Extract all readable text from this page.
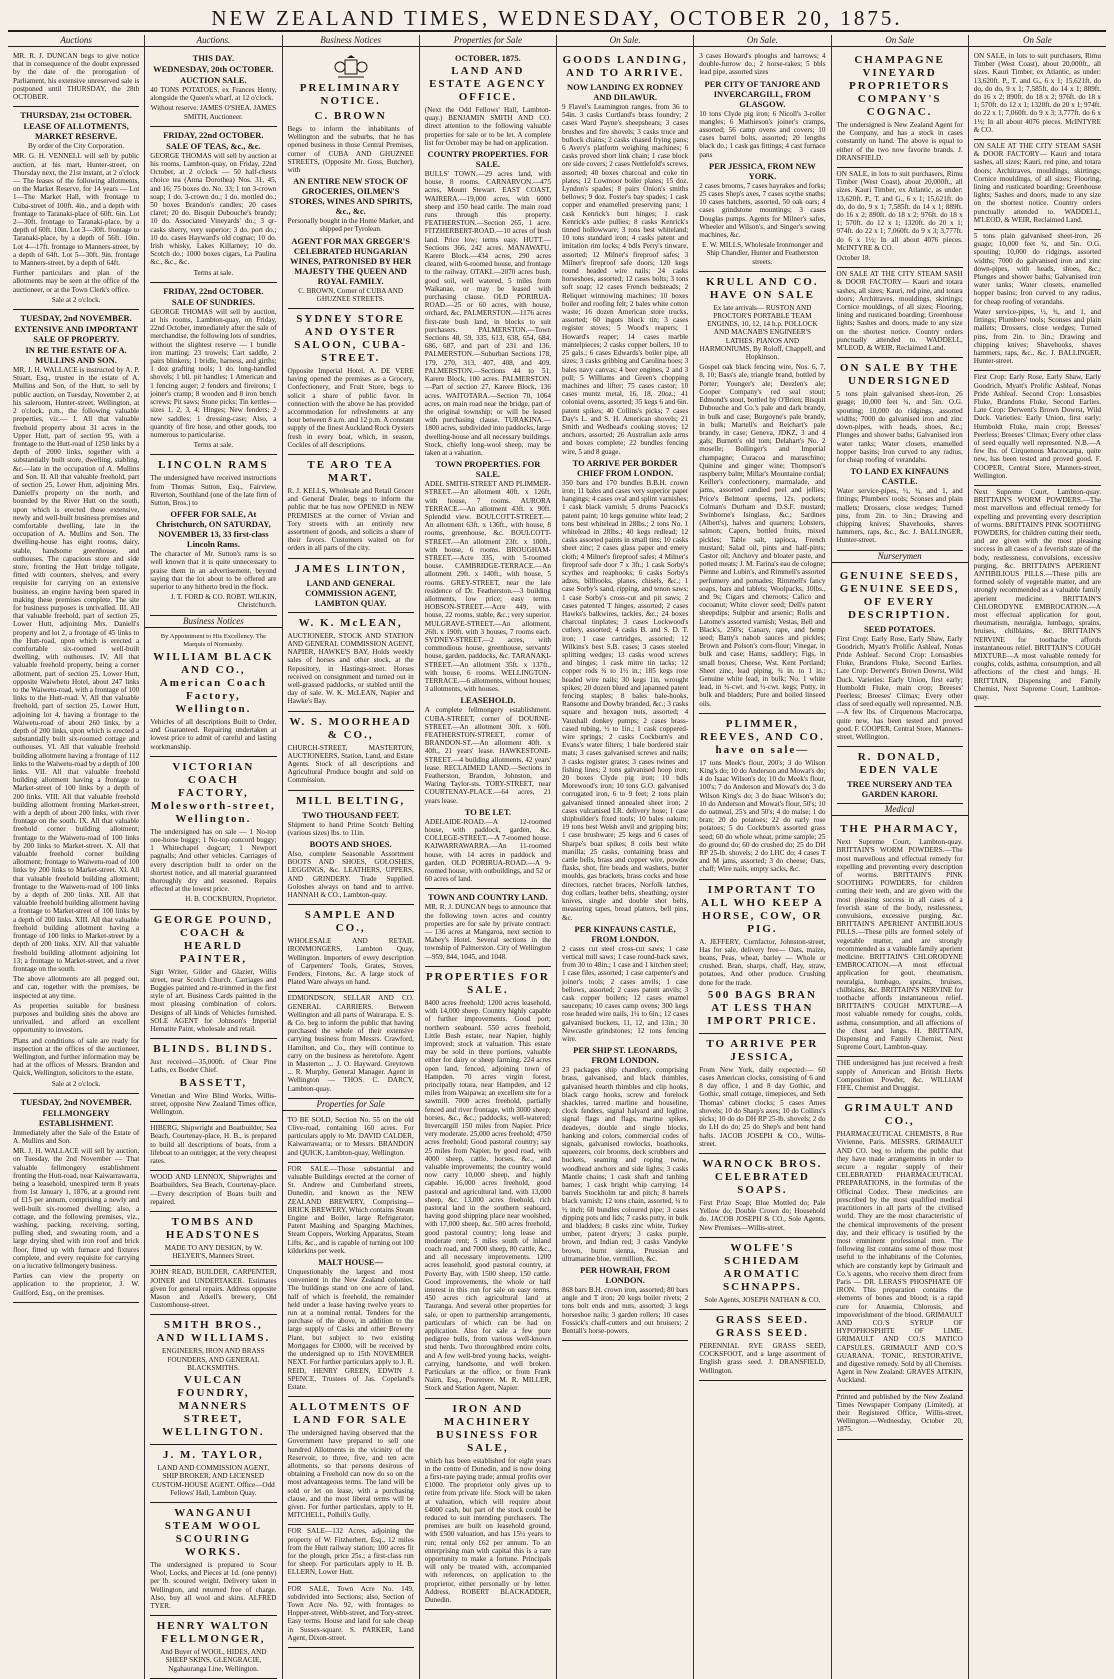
NEW ZEALAND TIMES, WEDNESDAY, OCTOBER 20, 1875.
Auctions

MR. R. J. DUNCAN begs to give notice that in consequence of the doubt expressed by the date of the prorogation of Parliament, his extensive unreserved sale is postponed until THURSDAY, the 28th OCTOBER.

THURSDAY, 21st OCTOBER.
LEASE OF ALLOTMENTS, MARKET RESERVE.

By order of the City Corporation.

MR. G. H. VENNELL will sell by public auction, at his mart, Hunter-street, on Thursday next, the 21st instant, at 2 o'clock — The leases of the following allotments, on the Market Reserve, for 14 years — Lot 1—The Market Hall, with frontage to Cuba-street of 100ft. 4in., and a depth with frontage to Taranaki-place of 60ft. 6in. Lot 2—30ft. frontage to Taranaki-place, by a depth of 60ft. 10in. Lot 3—30ft. frontage to Taranaki-place, by a depth of 56ft. 10in. Lot 4—17ft. frontage to Manners-street, by a depth of 64ft. Lot 5—30ft. 9in. frontage to Manners-street, by a depth of 64ft.

Further particulars and plan of the allotments may be seen at the office of the auctioneer, or at the Town Clerk's office.

Sale at 2 o'clock.

TUESDAY, 2nd NOVEMBER.
EXTENSIVE AND IMPORTANT SALE OF PROPERTY.
IN RE THE ESTATE OF A. MULLINS AND SON.

MR. J. H. WALLACE is instructed by A. P. Stuart, Esq., trustee in the estate of A. Mullins and Son, of the Hutt, to sell by public auction, on Tuesday, November 2, at his saleroom, Hunter-street, Wellington, at 2 o'clock, p.m., the following valuable properties, viz.— I. All that valuable freehold property about 31 acres in the Upper Hutt, part of section 95, with a frontage to the Hutt-road of 1250 links by a depth of 2000 links, together with a substantially built store, dwelling, stabling, &c.—late in the occupation of A. Mullins and Son. II. All that valuable freehold, part of section 25, Lower Hutt, adjoining Mrs. Daniell's property on the north, and bounded by the River Hutt on the south, upon which is erected those extensive, newly and well-built business premises and comfortable dwelling, late in the occupation of A. Mullins and Son. The dwelling-house has eight rooms, dairy, stable, handsome greenhouse, and outhouses. The capacious store and side store, fronting the Hutt bridge tollgate, fitted with counters, shelves, and every requisite for carrying on an extensive business, an engine having been spared in making these premises complete. The site for business purposes is unrivalled. III. All that valuable freehold, part of section 25, Lower Hutt, adjoining Mrs. Daniell's property and lot 2, a frontage of 45 links to the Hutt-road, upon which is erected a comfortable six-roomed well-built dwelling, with outhouses. IV. All that valuable freehold property, being a corner allotment, part of section 25, Lower Hutt, opposite Waiwhetu Hotel, about 247 links to the Waiwetu-road, with a frontage of 100 links to the Hutt-road. V. All that valuable freehold, part of section 25, Lower Hutt, adjoining lot 4, having a frontage to the Waiwetu-road of about 260 links, by a depth of 200 links, upon which is erected a substantially built six-roomed cottage and outhouses. VI. All that valuable freehold building allotment having a frontage of 112 links to the Waiwetu-road by a depth of 100 links. VII. All that valuable freehold building allotment having a frontage to Market-street of 100 links by a depth of 200 links. VIII. All that valuable freehold building allotment fronting Market-street, with a depth of about 200 links, with river frontage on the south. IX. All that valuable freehold corner building allotment; frontage to the Waiwetu-road of 100 links by 200 links to Market-street. X. All that valuable freehold corner building allotment; frontage to Waiwetu-road of 100 links by 200 links to Market-street. XI. All that valuable freehold building allotment; frontage to the Waiwetu-road of 100 links by a depth of 200 links. XII. All that valuable freehold building allotment having a frontage to Market-street of 100 links by a depth of 200 links. XIII. All that valuable freehold building allotment having a frontage of 100 links to Market-street by a depth of 200 links. XIV. All that valuable freehold building allotment adjoining lot 13; a frontage to Market-street, and a river frontage on the south.

The above allotments are all pegged out, and can, together with the premises, be inspected at any time.

As properties suitable for business purposes and building sites the above are unrivalled, and afford an excellent opportunity to investors.

Plans and conditions of sale are ready for inspection at the offices of the auctioneer, Wellington, and further information may be had at the offices of Messrs. Brandon and Quick, Wellington, solicitors to the estate.

Sale at 2 o'clock.

TUESDAY, 2nd NOVEMBER.
FELLMONGERY ESTABLISHMENT.

Immediately after the Sale of the Estate of A. Mullins and Son.

MR. J. H. WALLACE will sell by auction, on Tuesday, the 2nd November — That valuable fellmongery establishment fronting the Hutt-road, near Kaiwarrawarra, being a leasehold, unexpired term 8 years from 1st January 1, 1876, at a ground rent of £15 per annum, comprising a newly and well-built six-roomed dwelling; also, a cottage, and the following premises, viz., washing, packing, receiving, sorting, pulling shed, and sweating room, and a large drying shed with iron roof and brick floor, fitted up with furnace and fixtures complete, and every requisite for carrying on a lucrative fellmongery business.

Parties can view the property on application to the proprietor, J. W. Guilford, Esq., on the premises.

Auctions.
THIS DAY.
WEDNESDAY, 20th OCTOBER.
AUCTION SALE.

40 TONS POTATOES, ex Frances Henty, alongside the Queen's wharf, at 12 o'clock.

Without reserve. JAMES O'SHEA. JAMES SMITH, Auctioneer.

FRIDAY, 22nd OCTOBER.
SALE OF TEAS, &c., &c.

GEORGE THOMAS will sell by auction at his rooms, Lambton-quay, on Friday, 22nd October, at 2 o'clock — 50 half-chests choice tea (Anna Dorothea) Nos. 31, 45, and 16; 75 boxes do. No. 33; 1 ton 3-crown soap; 1 do. 3-crown do.; 1 do. mottled do.; 50 boxes Brandon's candles; 20 cases claret; 20 do. Bisquit Dubouche's brandy; 10 do. Associated Vineyards' do.; 3 qr-casks sherry, very superior; 3 do. port do.; 10 do. cases Hayward's old cognac; 10 do. Irish whisky, Lakes Killarney; 10 do. Scotch do.; 1000 boxes cigars, La Paulina &c., &c., &c.

Terms at sale.

FRIDAY, 22nd OCTOBER.
SALE OF SUNDRIES.

GEORGE THOMAS will sell by auction, at his rooms, Lambton-quay, on Friday, 22nd October, immediately after the sale of merchandise, the following lots of sundries, without the slightest reserve — 1 bundle iron matting; 23 trowels; Cart saddle, 2 pairs blinkers; 1 bridle, harness, and girths; 1 doz grafting tools; 1 do. long-handled shovels; 1 bll. pit handles; 1 American and 1 fencing auger; 2 fenders and fireirons; 1 joiner's cramp; 8 wooden and 8 iron bench screws; Pit saws; Stone picks; Tin kettles—sizes 1, 2, 3, 4; Hinges; New fenders; 2 new saddles; 1 dressing-case; Also, a quantity of fire hose, and other goods, too numerous to particularise.

Terms at sale.

LINCOLN RAMS

The undersigned have received instructions from Thomas Sutton, Esq., Fairview, Riverton, Southland (one of the late firm of Sutton, Bros.) to

OFFER FOR SALE, At Christchurch, ON SATURDAY, NOVEMBER 13, 33 first-class Lincoln Rams.

The character of Mr. Sutton's rams is so well known that it is quite unnecessary to praise them in an advertisement, beyond saying that the lot about to be offered are superior to any hitherto bred in the flock.

J. T. FORD & CO. ROBT. WILKIN, Christchurch.

Business Notices

By Appointment to His Excellency. The Marquis of Normanby.

WILLIAM BLACK AND CO., American Coach Factory, Wellington.

Vehicles of all descriptions Built to Order, and Guaranteed. Repairing undertaken at lowest price to admit of careful and lasting workmanship.

VICTORIAN COACH FACTORY, Molesworth-street, Wellington.

The undersigned has on sale — 1 No-top one-horse buggy; 1 No-top concord buggy; 1 Whitechapel dogcart; 1 Newport pagnalls; And other vehicles. Carriages of every description built to order on the shortest notice, and all material guaranteed thoroughly dry and seasoned. Repairs effected at the lowest price.

H. B. COCKBURN, Proprietor.

GEORGE POUND, COACH & HEARLD PAINTER,

Sign Writer, Gilder and Glazier, Willis street, near Scotch Church. Carriages and Buggies painted and re-trimmed in the first style of art. Business Cards painted in the most pleasing combination of colors. Designs of all kinds of Vehicles furnished. SOLE AGENT for Johnson's Imperial Hematite Paint, wholesale and retail.

BLINDS. BLINDS.

Just received—35,000ft. of Clear Pine Laths, ex Border Chief.

BASSETT,

Venetian and Wire Blind Works, Willis-street, opposite New Zealand Times office, Wellington.

HIBERG, Shipwright and Boatbuilder, Sea Beach, Courtenay-place, H. B., is prepared to build all descriptions of boats, from a lifeboat to an outrigger, at the very cheapest rates.

WOOD AND LENNOX, Shipwrights and Boatbuilders, Sea Beach, Courtenay-place.—Every description of Boats built and repaired.

TOMBS AND HEADSTONES

MADE TO ANY DESIGN, by W. HELYER'S, Manners Street.

JOHN READ, BUILDER, CARPENTER, JOINER and UNDERTAKER. Estimates given for general repairs. Address opposite Mason and Arkell's brewery, Old Customhouse-street.

SMITH BROS., AND WILLIAMS.

ENGINEERS, IRON AND BRASS FOUNDERS, AND GENERAL BLACKSMITHS.

VULCAN FOUNDRY, MANNERS STREET, WELLINGTON.
J. M. TAYLOR,

LAND AND COMMISSION AGENT, SHIP BROKER, AND LICENSED CUSTOM-HOUSE AGENT. Office—Odd Fellows' Hall, Lambton Quay.

WANGANUI STEAM WOOL SCOURING WORKS.

The undersigned is prepared to Scour Wool, Locks, and Pieces at 1d. (one penny) per lb. scoured weight. Delivery taken in Wellington, and returned free of charge. Also, buy all wool and skins. ALFRED TYER.

HENRY WALTON FELLMONGER,

And Buyer of WOOL, HIDES, AND SHEEP SKINS, GLENGRACIE, Ngahauranga Line, Wellington.

Business Notices
PRELIMINARY NOTICE.
C. BROWN

Begs to inform the inhabitants of Wellington and the suburbs, that he has opened business in those Central Premises, corner of CUBA AND GHUZNEE STREETS, (Opposite Mr. Goss, Butcher), with

AN ENTIRE NEW STOCK OF GROCERIES, OILMEN'S STORES, WINES AND SPIRITS, &c., &c.

Personally bought in the Home Market, and shipped per Tyrolean.

AGENT FOR MAX GREGER'S CELEBRATED HUNGARIAN WINES, PATRONISED BY HER MAJESTY THE QUEEN AND ROYAL FAMILY.

C. BROWN, Corner of CUBA AND GHUZNEE STREETS.

SYDNEY STORE AND OYSTER SALOON, CUBA-STREET.

Opposite Imperial Hotel. A. DE VERE having opened the premises as a Grocery, Confectionery, and Fruit Store, begs to solicit a share of public favor. In connection with the above he has provided accommodation for refreshments at any hour between 8 a.m. and 12 p.m. A constant supply of the finest Auckland Rock Oysters fresh in every boat, which, in season, Cockles of all descriptions.

TE ARO TEA MART.

R. J. KELLS, Wholesale and Retail Grocer and General Dealer, begs to inform the public that he has now OPENED in NEW PREMISES at the corner of Vivian and Tory streets with an entirely new assortment of goods, and solicits a share of their favors. Customers waited on for orders in all parts of the city.

JAMES LINTON,
LAND AND GENERAL COMMISSION AGENT, LAMBTON QUAY.
W. K. McLEAN,

AUCTIONEER, STOCK AND STATION AND GENERAL COMMISSION AGENT, NAPIER, HAWKE'S BAY, Holds weekly sales of horses and other stock, at the Repository, in Hastings-street. Horses received on consignment and turned out in well-grassed paddocks, or stabled until the day of sale. W. K. McLEAN, Napier and Hawke's Bay.

W. S. MOORHEAD & CO.,

CHURCH-STREET, MASTERTON, AUCTIONEERS, Station, Land, and Estate Agents. Stock of all descriptions and Agricultural Produce bought and sold on Commission.

MILL BELTING,
TWO THOUSAND FEET.

Shipment to hand Prime Scotch Belting (various sizes) lbs. to 11in.

BOOTS AND SHOES.

Also, complete Seasonable Assortment BOOTS AND SHOES, GOLOSHES, LEGGINGS, &c. LEATHERS, UPPERS, AND GRINDERY. Trade Supplied. Goloshes always on hand and to arrive. HANNAH & CO., Lambton-quay.

SAMPLE AND CO.,

WHOLESALE AND RETAIL IRONMONGERS, Lambton Quay, Wellington. Importers of every description of Carpenters' Tools, Grates, Stoves, Fenders, Firetons, &c. A large stock of Plated Ware always on hand.

EDMONDSON, SELLAR AND CO. GENERAL CARRIERS. Between Wellington and all parts of Wairarapa. E. S. & Co. beg to inform the public that having purchased the whole of their extensive carrying business from Messrs. Crawford, Hamilton, and Co., they will continue to carry on the business as heretofore. Agent in Masterton ... J. O. Hayward. Greytown ... R. Murphy, General Manager. Agent in Wellington — THOS. C. DARCY, Lambton-quay.

Properties for Sale

TO BE SOLD, Section No. 55 on the old Clive-road, containing 160 acres. For particulars apply to Mr. DAVID CALDER, Kaiwarrawarra; or to Messrs. BRANDON and QUICK, Lambton-quay, Wellington.

FOR SALE.—Those substantial and valuable Buildings erected at the corner of St. Andrew and Cumberland streets, Dunedin, and known as the NEW ZEALAND BREWERY, Comprising— BRICK BREWERY, Which contains Steam Engine and Boiler, large Refrigerator, Patent Mashing and Sparging Machines, Steam Coppers, Working Apparatus, Steam Lifts, &c., and is capable of turning out 100 kilderkins per week.

MALT HOUSE—

Unquestionably the largest and most convenient in the New Zealand colonies. The buildings stand on one acre of land, half of which is freehold, the remainder held under a lease having twelve years to run at a nominal rental. Tenders for the purchase of the above, in addition to the large supply of Casks and other Brewery Plant, but subject to two existing Mortgages for £3000, will be received by the undersigned up to 15th NOVEMBER NEXT. For further particulars apply to J. R. REID, HENRY GREEN, EDWIN J. SPENCE, Trustees of Jas. Copeland's Estate.

ALLOTMENTS OF LAND FOR SALE

The undersigned having observed that the Government have prepared to sell one hundred Allotments in the vicinity of the Reservoir, to three, five, and ten acre allotments, so that persons desirous of obtaining a Freehold can now do so on the most advantageous terms. The land will be sold or let on lease, with a purchasing clause, and the most liberal terms will be given. For further particulars, apply to H. MITCHELL, Polhill's Gully.

FOR SALE—132 Acres, adjoining the property of W. Fitzherbert, Esq., 12 miles from the Hutt railway station; 100 acres fit for the plough, price 25s.; a first-class run for sheep. For particulars apply to H. B. ELLERN, Lower Hutt.

FOR SALE, Town Acre No. 149, subdivided into Sections; also, Section of Town Acre No. 92, with frontages to Hopper-street, Webb-street, and Tory-street. Easy terms. House and land for sale cheap in Sussex-square. S. PARKER, Land Agent, Dixon-street.

Properties for Sale
OCTOBER, 1875.
LAND AND ESTATE AGENCY OFFICE.

(Next the Odd Fellows' Hall, Lambton-quay.) BENJAMIN SMITH AND CO. direct attention to the following valuable properties for sale or to be let. A complete list for October may be had on application.

COUNTRY PROPERTIES. FOR SALE.

BULLS' TOWN.—29 acres land, with house, 8 rooms. CARNARVON.—475 acres, Mount Stewart. EAST COAST, WAIRERA.—19,000 acres, with 6000 sheep and 150 head cattle. The main road runs through this property. FEATHERSTON.—Section 265, 1 acre. FITZHERBERT-ROAD.—10 acres of bush land. Price low; terms easy. HUTT.—Sections 366, 242 acres. MANAWATU, Karere Block.—434 acres, 290 acres cleared, with 6-roomed house, and frontage to the railway. OTAKI.—2070 acres bush, good soil, well watered, 5 miles from Waikanae, or may be leased with purchasing clause. OLD PORIRUA-ROAD.—25 or 60 acres, with house, orchard, &c. PALMERSTON.—1176 acres first-rate bush land, in blocks to suit purchasers. PALMERSTON.—Town Sections 48, 59, 335, 613, 638, 654, 684, 686, 687, and part of 231 and 136. PALMERSTON.—Suburban Sections 178, 179, 270, 313, 407, 408, and 409. PALMERSTON.—Sections 44 to 51, Karere Block, 100 acres. PALMERSTON.—Part of section 27, Karere Block, 136 acres. WAITOTARA.—Section 70, 1064 acres, on main road near the bridge, part of the original township; or will be leased with purchasing clause. TURAKINA.—1800 acres, subdivided into paddocks, large dwelling-house and all necessary buildings. Stock, chiefly long-wool sheep, may be taken at a valuation.

TOWN PROPERTIES. FOR SALE.

ADEL SMITH-STREET AND PLIMMER-STREET.—An allotment 40ft. x 126ft, with house, 7 rooms. AURORA TERRACE.—An allotment 43ft. x 90ft. Splendid view. BOULCOTT-STREET.—An allotment 63ft. x 136ft., with house, 8 rooms, greenhouse, &c. BOULCOTT-STREET.—An allotment 23ft. x 100ft., with house, 6 rooms. BROUGHAM-STREET.—Acre 335, with 5-roomed house. CAMBRIDGE-TERRACE.—An allotment 29ft. x 140ft., with house, 5 rooms. GREY-STREET, near the late residence of Dr. Featherston.—3 building allotments, low price; easy terms. HOBSON-STREET.—Acre 449, with house, 22 rooms, stable, &c.; very superior. MULGRAVE-STREET.—An allotment, 26ft. x 190ft. with 3 houses, 7 rooms each. SYDNEY-STREET.—2 acres, with commodious house, greenhouse, servants' house, garden, paddocks, &c. TARANAKI-STREET.—An allotment 35ft. x 137ft., with house, 6 rooms. WELLINGTON-TERRACE.—6 allotments, without houses; 3 allotments, with houses.

LEASEHOLD.

A complete fellmongery establishment. CUBA-STREET, corner of DOURNE-STREET.—An allotment 30ft. x 60ft. FEATHERSTON-STREET, corner of BRANDON-ST.—An allotment 40ft. x 40ft., 21 years' lease. HAWKESTONE-STREET.—4 building allotments, 42 years' lease. RECLAIMED LAND.—Sections in Featherston, Brandon, Johnston, and Waring Taylor-sts. TORY-STREET, near COURTENAY-PLACE.—64 acres, 21 years lease.

TO BE LET.

ADELAIDE-ROAD.—A 12-roomed house, with paddock, garden, &c. COLLEGE-STREET.—A 7-roomed house. KAIWARRAWARRA.—An 11-roomed house, with 14 acres in paddock and garden. OLD PORIRUA-ROAD.—A 9-roomed house, with outbuildings, and 52 or 60 acres of land.

TOWN AND COUNTRY LAND.

MR. R. J. DUNCAN begs to announce that the following town acres and country properties are for sale by private contract:— 136 acres at Mangaroa, next section to Mabey's Hotel. Several sections in the township of Palmerston. City of Wellington—959, 844, 1045, and 1048.

PROPERTIES FOR SALE.

8400 acres freehold; 1200 acres leasehold, with 14,000 sheep. Country highly capable of further improvements. Good port; northern seaboard. 550 acres freehold, Little Bush estate, near Napier, highly improved; stock at valuation. This estate may be sold in three portions, valuable either for dairy or sheep farming. 224 acres open land, fenced, adjoining town of Hampden. 70 acres virgin forest, principally totara, near Hampden, and 12 miles from Waipawa; an excellent site for a sawmill. 7000 acres freehold, partially fenced and river frontage, with 3000 sheep; horses, &c., &c.; paddocks, well-watered; Invercargill 150 miles from Napier. Price very moderate. 25,000 acres freehold; 4750 acres freehold; Good pastoral country; say 25 miles from Napier, by good road, with 4000 sheep, cattle, horses, &c., and valuable improvements; the country would now carry 10,000 sheep, and highly capable. 16,000 acres freehold, good pastoral and agricultural land, with 13,000 sheep, &c. 13,000 acres freehold, rich pastoral land in the southern seaboard, having good shipping place near woolshed, with 17,000 sheep, &c. 500 acres freehold, good pastoral country; long lease and moderate rent; 5 miles south of inland coach road, and 7000 sheep, 80 cattle, &c., and all necessary improvements. 1200 acres leasehold, good pastoral country, at Poverty Bay, with 1500 sheep, 150 cattle. Good improvements, the whole or half interest in this run for sale on easy terms. 450 acres rich agricultural land at Tauranga. And several other properties for sale, or open to partnership arrangements, particulars of which can be had on application. Also for sale a few pure pedigree bulls, from various well-known stud herds. Two thoroughbred entire colts, and A few well-bred young hacks, weight-carrying, handsome, and well broken. Particulars at the office, or from Frank Nairn, Esq., Pourerere. M. R. MILLER, Stock and Station Agent, Napier.

IRON AND MACHINERY BUSINESS FOR SALE,

which has been established for eight years in the centre of Dunedin, and is now doing a first-rate paying trade; annual profits over £1000. The proprietor only gives up to retire from private life. Stock will be taken at valuation, which will require about £4000 cash, but part of the stock could be reduced to suit intending purchasers. The premises are built on leasehold ground, with £500 valuation, and has 15½ years to run; rental only £62 per annum. To an enterprising man with capital this is a rare opportunity to make a fortune. Principals will only be treated with, accompanied with references, on application to the proprietor, either personally or by letter. Address, ROBERT BLACKADDER, Dunedin.

On Sale.
GOODS LANDING, AND TO ARRIVE.
NOW LANDING EX RODNEY AND DILAWUR.

9 Flavel's Leamington ranges, from 36 to 54in. 3 casks Curtland's brass foundry; 2 cases Ward Payne's sheepshears; 3 cases brushes and fire shovels; 3 casks truce and bullock chains; 2 casks chased frying pans; 6 Avery's platform weighing machines; 6 casks proved short link chain; 1 case block ore side covers; 2 cases Nettlefold's screws, assorted; 40 boxes charcoal and coke tin plates; 12 Lowmoor boiler plates; 15 doz. Lyndon's spades; 8 pairs Onion's smiths bellows; 9 doz. Foster's bay spades; 1 cask copper and enamelled preserving pans; 1 cask Kenrick's butt hinges; 1 cask Kenrick's axle pullies; 8 casks Kenrick's tinned hollowware; 3 tons best whiteland; 10 tons standard iron; 4 casks patent and imitation rim locks; 4 bdls Perry's tinware, assorted; 12 Milner's fireproof safes; 3 Milner's fireproof safe doors; 120 kegs round headed wire nails; 24 casks horseshoes, assorted; 12 cases bolts; 3 tons soft soap; 12 cases French bedsteads; 2 Reliquet winnowing machines; 10 boxes boiler and roofing felt; 2 bales white cotton waste; 16 dozen American store trucks, assorted; 60 ingots block tin; 3 cases register stoves; 5 Wood's reapers; 1 Howard's reaper; 14 cases marble mantelpieces; 2 casks copper boilers, 10 to 25 gals.; 6 cases Edwards's boiler pipe, all sizes; 3 casks gribbing and Carolina hoes; 3 bales navy canvas; 4 beer engines, 2 and 3 pull; 5 Williams and Green's chopping machines and lifter; 75 cases castor; 10 cases muntz metal, 16, 18, 20oz.; 41 colonial ovens, assorted; 35 kegs 6 and 6in. patent spikes; 40 Collins's picks; 7 cases Day's L. and S. H. American shovels; 21 Smith and Wedhead's cooking stoves; 12 anchors, assorted; 26 Australian axle arms and boxes complete; 22 bundles fencing wire, 5 and 8 guage.

TO ARRIVE PER BORDER CHIEF FROM LONDON.

350 bars and 170 bundles B.B.H. crown iron; 11 bales and cases very superior paper hangings; 4 cases oval and splint varnishes; 1 cask black varnish; 5 drums Peacock's patent paint; 10 kegs genuine white lead; 2 tons best whitelead in 28lbs.; 2 tons No. 1 whitelead in 28lbs.; 40 kegs redlead; 12 casks assorted paints in small tins; 10 casks sheet zinc; 2 cases glass paper and emery cloth; 4 Milner's fireproof safes; 4 Milner's fireproof safe door 7 x 3ft.; 1 cask Sorby's scythes and reaphooks; 6 casks Sorby's adzes, billhooks, planes, chisels, &c.; 1 case Sorby's sand, ripping, and tenon saws; 1 case Sorby's cross-cut and pit saws; 2 cases patented T hinges, assorted; 2 cases Hawks's balkwires, tackles, &c.; 24 boxes charcoal tinplates; 3 cases Lockwood's cutlery, assorted; 4 casks B. and S. D. T. iron; 1 case cartridges, assorted; 12 Wilkins's best S.B. cases; 3 cases steeled splitting wedges; 13 casks wood screws and hinges; 1 cask mitre tin tacks; 12 copper rods ¾ to 1½ in.; 185 kegs rose headed wire nails; 30 kegs 1in. wrought spikes; 20 dozen blued and japanned patent fencing staples; 8 bales bale-hooks, Ransome and Dowby branded, &c.; 3 casks square and hexagon nuts, assorted; 4 Vauxhall donkey pumps; 2 cases brass-cased tubing, ½ to 1in.; 1 cask coppered-wire springs; 2 casks Cockburn's and Evans's water filters; 1 bale bordered stair mats; 3 cases galvanised screws and nails; 3 casks register grates; 3 cases twines and fishing lines; 2 tons galvanised hoop iron; 20 boxes Clyde pig iron; 10 bdls Morewood's iron; 10 tons G.O. galvanised corrugated iron, 6 to 9 feet; 2 tons plain galvanised tinned annealed sheet iron; 2 cases vulcanised I.R. delivery hose; 1 case shipbuilder's fixed tools; 10 bales oakum; 19 tons best Welsh anvil and gripping bits; 1 case brushware; 25 kegs and 6 cases of Sharpe's boat spikes; 8 coils best white manilla; 25 casks, containing brass and cattle bells, brass and copper wire, powder flasks, shot, fire beads and washers, butter moulds, gas brackets, brass cocks and hose directors, ratchet braces, Norfolk latches, dog collars, leather belts, sheathing, oyster knives, single and double shot belts, measuring tapes, bread platters, bell pins, &c.

PER KINFAUNS CASTLE, FROM LONDON.

2 cases cut steel cross-cut saws; 1 case vertical mill saws; 1 case round-back saws, from 30 to 48in.; 1 case and 1 kitchen steel; 1 case files, assorted; 1 case carpenter's and joiner's tools; 2 cases anvils; 1 case bellows, assorted; 2 cases patent anvils; 3 cask copper boilers; 12 cases enamel saucepans; 10 cases camp ovens; 300 kegs rose headed wire nails, 1¼ to 6in.; 12 cases galvanised buckets, 11, 12, and 13in.; 30 Newcastle grindstones; 12 tons fencing wire.

PER SHIP ST. LEONARDS, FROM LONDON.

23 packages ship chandlery, comprising brass, galvanised, and black thimbles, galvanised hearth thimbles and clip hooks, black cargo hooks, screw and forelock shackles, tarred marline and houseline, clock fenders, signal halyard and logline, signal flags and flags, marine spikes, deadeyes, double and single blocks, hanking and colors, commercial codes of signals, galvanised rowlocks, boathooks, squeezers, coir brooms, deck scrubbers and buckets, seaming and roping twine, woodhead anchors and side lights; 3 casks Mantle chains; 1 cask shaft and tanhing hames; 1 cask bright whip carrying; 14 barrels Stockholm tar and pitch; 8 barrels black varnish; 12 tons chain, assorted, ¼ to ½ inch; 60 bundles coloured pipe; 3 cases dipping pots and lids; 7 casks putty, in bulk and bladders; 8 casks zinc white, Turkey umber, patent dryers; 3 casks purple, brown, and Indian red; 3 casks Vandyke brown, burnt sienna, Prussian and ultramarine blue, vermillion, &c.

PER HOWRAH, FROM LONDON.

868 bars B.H. crown iron, assorted; 80 bars angle and T iron; 20 kegs boiler rivets; 2 tons bolt ends and nuts, assorted; 3 kegs horseshoe nails; 3 garden rollers; 10 cases Fossick's chaff-cutters and out bruisers; 2 Bentall's horse-powers.

On Sale.

3 cases Howard's ploughs and harrows; 4 double-furrow do.; 2 horse-rakes; 5 bbls lead pipe, assorted sizes

PER CITY OF TANJORE AND INVERCARGILL, FROM GLASGOW.

10 tons Clyde pig iron; 6 Nicoll's 3-roller mangles; 6 Mathieson's joiner's cramps, assorted; 56 camp ovens and covers; 10 cases barrel bolts, assorted; 20 lengths black do.; 1 cask gas fittings; 4 cast furnace pans

PER JESSICA, FROM NEW YORK.

2 cases brooms, 7 cases hayrakes and forks; 25 cases Shep's axes, 7 cases scythe snaths; 10 cases hatchets, assorted, 50 oak oars; 4 cases grindstone mountings; 3 cases Douglas pumps. Agents for Milner's safes, Wheeler and Wilson's, and Singer's sewing machines, &c.

E. W. MILLS, Wholesale Ironmonger and Ship Chandler, Hunter and Featherston streets.

KRULL AND CO. HAVE ON SALE

Ex late arrivals— RUSTON AND PROCTOR'S PORTABLE TEAM ENGINES, 10, 12, 14 h.p. POLLOCK AND MACNAB'S ENGINEER'S LATHES. PIANOS AND HARMONIUMS, By Roloff, Chappell, and Hopkinson.

Gospel oak black fencing wire, Nos. 6, 7, 8, 10; Bass's ale, triangle brand, bottled by Porter; Younger's ale; Deezlen's ale; Cooper Company's red seal stout; Edmond's stout, bottled by O'Brien; Bisquit Dubouche and Co.'s pale and dark brandy, in bulk and case; Burgoyne's pale brandy, in bulk; Martell's and Reichart's pale brandy, in case; Geneva, JDKZ, 3 and 4 gals; Burnett's old tom; Delahart's No. 2 moselle; Bollinger's and Imperial champagne; Curacoa and maraschino; Quinine and ginger wine; Thompson's raspberry balm; Millar's Mountaine cordial; Keiller's confectionery, marmalade, and jams, assorted candied peel and jellies; Price's Belmont sperms, 12s. pockets; Colman's Durham and D.S.F. mustard; Swinborne's Isinglass, &c.; Sardines (Albert's), halves and quarters; Lobsters, salmon; Capers, bottled fruits, mixed pickles; Table salt, tapioca, French mustard; Salad oil, pints and half-pints; Castor oil; Anchovy and bloater paste, and potted meats; J. M. Farina's eau de cologne; Pienne and Lubin's, and Rimmell's assorted perfumery and pomades; Rimmell's fancy soaps, bars and tablets; Woolpacks, 10lbs., and 9s; Cigars and cheroots; Calico and cocoanut; White clover seed; Dell's patent sheepdips; Sulphur and arsenic; Rolls and Latome's assorted varnish; Vestas, Bell and Black's, 250's; Canary, rape, and hemp seed; Batty's nabob sauces and pickles; Brown and Polson's corn-flour; Vinegar, in bulk and case; Hams, saddlery; Figs, in small boxes; Cheese, Wst. Kent Portland; Sheet zinc, lead piping, ¾ in. to 1 in.; Genuine white lead, in bulk; No. 1 white lead, in ¾-cwt. and ½-cwt. kegs; Putty, in bulk and bladders; Pure and boiled linseed oils.

PLIMMER, REEVES, AND CO. have on sale—

17 tons Meek's flour, 200's; 3 do Wilson King's do; 10 do Anderson and Mowat's do; 4 do Isaac Wilson's do; 10 do Meek's flour, 100's; 7 do Anderson and Mowat's do; 3 do Wilson King's do; 3 do Isaac Wilson's do; 10 do Anderson and Mowat's flour, 50's; 10 do oatmeal, 25's and 50's; 4 do malse; 1 do bran; 20 do potatoes; 22 do early rose potatoes; 5 do Cockburn's assorted grass seed; 60 do whole wheat, prime sample; 25 do ground do; 60 do crushed do; 25 do DH RP 25-lb. shovels; 2 do LHC do; 4 cases T and M jams, assorted; 3 do cheese; Oats, chaff; Wire nails, empty sacks, &c.

IMPORTANT TO ALL WHO KEEP A HORSE, COW, OR PIG.

A. JEFFERY, Cornfactor, Johnston-street, Has for sale, delivery free— Oats, maize, beans, Peas, wheat, barley — Whole or crushed. Bran, sharps, chaff, Hay, straw, potatoes, And other produce. Crushing done for the trade.

500 BAGS BRAN AT LESS THAN IMPORT PRICE.
TO ARRIVE PER JESSICA,

From New York, daily expected:— 60 cases American clocks, consisting of 6 and 8 day office, 1 and 8 day Gothic, and Gothic, small cottage, timepieces, and Seth Thomas' cabinet clocks; 5 cases Ames shovels; 10 do Sharp's axes; 10 do Collins's picks; 10 do do DH RP 25-lb. shovels; 2 do do LH do do; 25 do Shep's and bent hand hafts. JACOB JOSEPH & CO., Willis-street.

WARNOCK BROS. CELEBRATED SOAPS.

First Prize Soap; Blue Mottled do; Pale Yellow do; Double Crown do; Household do. JACOB JOSEPH & CO., Sole Agents. New Premises—Willis-street.

WOLFE'S SCHIEDAM AROMATIC SCHNAPPS.

Sole Agents, JOSEPH NATHAN & CO.

GRASS SEED. GRASS SEED.

PERENNIAL RYE GRASS SEED, COCKSFOOT, and a large assortment of English grass seed. J. DRANSFIELD, Wellington.

On Sale
CHAMPAGNE VINEYARD PROPRIETORS COMPANY'S COGNAC.

The undersigned is New Zealand Agent for the Company, and has a stock in cases constantly on hand. The above is equal to either of the two now favorite brands. J. DRANSFIELD.

ON SALE, in lots to suit purchasers, Rimu Timber (West Coast), about 20,000ft., all sizes. Kauri Timber, ex Atlantic, as under: 13,620ft. P., T. and G., 6 x 1; 15,621ft. do do, do do, 9 x 1; 7,585ft. do 14 x 1; 889ft. do 16 x 2; 890ft. do 18 x 2; 976ft. do 18 x 1; 570ft. do 12 x 1; 1320ft. do 20 x 1; 974ft. do 22 x 1; 7,060ft. do 9 x 3; 3,777ft. do 6 x 1½; In all about 4076 pieces. McINTYRE & CO.

October 18.

ON SALE AT THE CITY STEAM SASH & DOOR FACTORY— Kauri and totara sashes, all sizes; Kauri, red pine, and totara doors; Architraves, mouldings, skirtings; Cornice mouldings, of all sizes; Flooring, lining and rusticated boarding; Greenhouse lights; Sashes and doors, made to any size on the shortest notice. Country orders punctually attended to. WADDELL, M'LEOD, & WEIR, Reclaimed Land.

ON SALE BY THE UNDERSIGNED

5 tons plain galvanised sheet-iron, 26 guage; 10,000 feet ¾, and 5in. O.G. spouting; 10,000 do ridgings, assorted widths; 7000 do galvanised iron and zinc down-pipes, with heads, shoes, &c.; Plunges and shower baths; Galvanised iron water tanks; Water closets, enamelled hopper basins; Iron curved to any radius, for cheap roofing of verandahs.

TO LAND EX KINFAUNS CASTLE.

Water service-pipes, ½, ¾, and 1, and fittings; Plumbers' tools; Sconses and plain mallets; Drossers, close wedges; Turned pins, from 2in. to 3in.; Drawing and chipping knives; Shavehooks, shaves hammers, raps, &c., &c. J. BALLINGER, Hunter-street.

Nurserymen
GENUINE SEEDS, GENUINE SEEDS, OF EVERY DESCRIPTION.
SEED POTATOES.

First Crop: Early Rose, Early Shaw, Early Goodrich, Myatt's Prolific Ashleaf, Nonas Pride Ashleaf. Second Crop: Lonsasbies Fluke, Brandons Fluke, Second Earlies. Late Crop: Derwent's Brown Dowrst, Wild Duck. Varieties: Early Union, first early; Humboldt Fluke, main crop; Breeses' Peerless; Breeses' Climax; Every other class of seed equally well represented. N.B.—A few lbs. of Cirquenous Macrocarpa, quite new, has been tested and proved good. F. COOPER, Central Store, Manners-street, Wellington.

R. DONALD, EDEN VALE
TREE NURSERY AND TEA GARDEN KARORI.
Medical
THE PHARMACY,

Next Supreme Court, Lambton-quay. BRITTAIN'S WORM POWDERS.—The most marvellous and effectual remedy for expelling and preventing every description of worms. BRITTAIN'S PINK SOOTHING POWDERS, for children cutting their teeth, and are given with the most pleasing success in all cases of a feverish state of the body, restlessness, convulsions, excessive purging, &c. BRITTAIN'S APERIENT ANTIBILIOUS PILLS.—These pills are formed solely of vegetable matter, and are strongly recommended as a valuable family aperient medicine. BRITTAIN'S CHLORODYNE EMBROCATION.—A most effectual application for gout, rheumatism, neuralgia, lumbago, sprains, bruises, chilblains, &c. BRITTAIN'S NERVINE for toothache affords instantaneous relief. BRITTAIN'S COUGH MIXTURE—A most valuable remedy for coughs, colds, asthma, consumption, and all affections of the chest and lungs. H. BRITTAIN, Dispensing and Family Chemist, Next Supreme Court, Lambton-quay.

THE undersigned has just received a fresh supply of American and British Herbs Composition Powder, &c. WILLIAM FIFE, Chemist and Druggist.

GRIMAULT AND CO.,

PHARMACEUTICAL CHEMISTS, 8 Rue Vivienne, Paris. MESSRS. GRIMAULT AND CO. beg to inform the public that they have made arrangements in order to secure a regular supply of their CELEBRATED PHARMACEUTICAL PREPARATIONS, in the formulas of the Officinal Codex. These medicines are prescribed by the most qualified medical practitioners in all parts of the civilised world. They are the most characteristic of the chemical improvements of the present day, and their efficacy is testified by the most emminent professional men. The following list contains some of those most useful to the inhabitants of the Colonies, which are constantly kept by Grimault and Co.'s agents, who receive them direct from Paris — DR. LERAS'S PHOSPHATE OF IRON. This preparation contains the elements of bones and blood; is a rapid cure for Anaemia, Chlorosis, and impoverishment of the blood. GRIMAULT AND CO.'S SYRUP OF HYPOPHOSPHITE OF LIME. GRIMAULT AND CO.'S MATICO CAPSULES. GRIMAULT AND CO.'S GUARANA. TONIC, RESTORATIVE, and digestive remedy. Sold by all Chemists. Agent in New Zealand: GRAVES AITKIN, Auckland.

Printed and published by the New Zealand Times Newspaper Company (Limited), at their Registered Office, Willis-street, Wellington.—Wednesday, October 20, 1875.

On Sale

ON SALE, in lots to suit purchasers, Rimu Timber (West Coast), about 20,000ft., all sizes. Kauri Timber, ex Atlantic, as under: 13,620ft. P., T. and G., 6 x 1; 15,621ft. do do, do do, 9 x 1; 7,585ft. do 14 x 1; 889ft. do 16 x 2; 890ft. do 18 x 2; 976ft. do 18 x 1; 570ft. do 12 x 1; 1320ft. do 20 x 1; 974ft. do 22 x 1; 7,060ft. do 9 x 3; 3,777ft. do 6 x 1½; In all about 4076 pieces. McINTYRE & CO.

ON SALE AT THE CITY STEAM SASH & DOOR FACTORY— Kauri and totara sashes, all sizes; Kauri, red pine, and totara doors; Architraves, mouldings, skirtings; Cornice mouldings, of all sizes; Flooring, lining and rusticated boarding; Greenhouse lights; Sashes and doors, made to any size on the shortest notice. Country orders punctually attended to. WADDELL, M'LEOD, & WEIR, Reclaimed Land.

5 tons plain galvanised sheet-iron, 26 guage; 10,000 feet ¾, and 5in. O.G. spouting; 10,000 do ridgings, assorted widths; 7000 do galvanised iron and zinc down-pipes, with heads, shoes, &c.; Plunges and shower baths; Galvanised iron water tanks; Water closets, enamelled hopper basins; Iron curved to any radius, for cheap roofing of verandahs.

Water service-pipes, ½, ¾, and 1, and fittings; Plumbers' tools; Sconses and plain mallets; Drossers, close wedges; Turned pins, from 2in. to 3in.; Drawing and chipping knives; Shavehooks, shaves hammers, raps, &c., &c. J. BALLINGER, Hunter-street.

First Crop: Early Rose, Early Shaw, Early Goodrich, Myatt's Prolific Ashleaf, Nonas Pride Ashleaf. Second Crop: Lonsasbies Fluke, Brandons Fluke, Second Earlies. Late Crop: Derwent's Brown Dowrst, Wild Duck. Varieties: Early Union, first early; Humboldt Fluke, main crop; Breeses' Peerless; Breeses' Climax; Every other class of seed equally well represented. N.B.—A few lbs. of Cirquenous Macrocarpa, quite new, has been tested and proved good. F. COOPER, Central Store, Manners-street, Wellington.

Next Supreme Court, Lambton-quay. BRITTAIN'S WORM POWDERS.—The most marvellous and effectual remedy for expelling and preventing every description of worms. BRITTAIN'S PINK SOOTHING POWDERS, for children cutting their teeth, and are given with the most pleasing success in all cases of a feverish state of the body, restlessness, convulsions, excessive purging, &c. BRITTAIN'S APERIENT ANTIBILIOUS PILLS.—These pills are formed solely of vegetable matter, and are strongly recommended as a valuable family aperient medicine. BRITTAIN'S CHLORODYNE EMBROCATION.—A most effectual application for gout, rheumatism, neuralgia, lumbago, sprains, bruises, chilblains, &c. BRITTAIN'S NERVINE for toothache affords instantaneous relief. BRITTAIN'S COUGH MIXTURE—A most valuable remedy for coughs, colds, asthma, consumption, and all affections of the chest and lungs. H. BRITTAIN, Dispensing and Family Chemist, Next Supreme Court, Lambton-quay.
